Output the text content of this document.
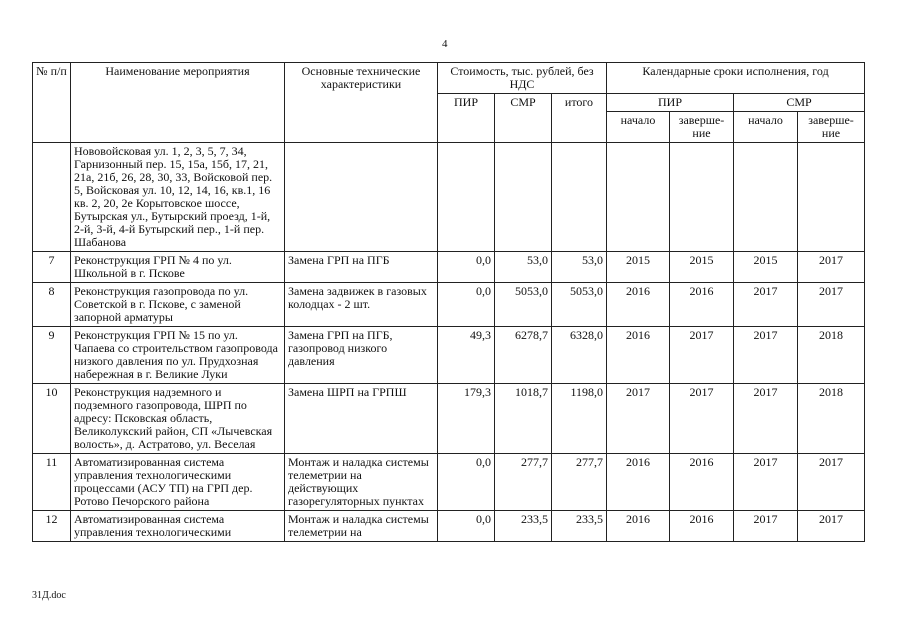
4
№ п/п	Наименование мероприятия	Основные технические характеристики	Стоимость, тыс. рублей, без НДС			Календарные сроки исполнения, год			
			ПИР	СМР	итого	ПИР		СМР	
						начало	заверше-ние	начало	заверше-ние
	Нововойсковая ул. 1, 2, 3, 5, 7, 34, Гарнизонный пер. 15, 15а, 15б, 17, 21, 21а, 21б, 26, 28, 30, 33, Войсковой пер. 5, Войсковая ул. 10, 12, 14, 16, кв.1, 16 кв. 2, 20, 2е Корытовское шоссе, Бутырская ул., Бутырский проезд, 1-й, 2-й, 3-й, 4-й Бутырский пер., 1-й пер. Шабанова								
7	Реконструкция ГРП № 4 по ул. Школьной в г. Пскове	Замена ГРП на ПГБ	0,0	53,0	53,0	2015	2015	2015	2017
8	Реконструкция газопровода по ул. Советской в г. Пскове, с заменой запорной арматуры	Замена задвижек в газовых колодцах - 2 шт.	0,0	5053,0	5053,0	2016	2016	2017	2017
9	Реконструкция ГРП № 15 по ул. Чапаева со строительством газопровода низкого давления по ул. Прудхозная набережная в г. Великие Луки	Замена ГРП на ПГБ, газопровод низкого давления	49,3	6278,7	6328,0	2016	2017	2017	2018
10	Реконструкция надземного и подземного газопровода, ШРП по адресу: Псковская область, Великолукский район, СП «Лычевская волость», д. Астратово, ул. Веселая	Замена ШРП на ГРПШ	179,3	1018,7	1198,0	2017	2017	2017	2018
11	Автоматизированная система управления технологическими процессами (АСУ ТП) на ГРП дер. Ротово Печорского района	Монтаж и наладка системы телеметрии на действующих газорегуляторных пунктах	0,0	277,7	277,7	2016	2016	2017	2017
12	Автоматизированная система управления технологическими	Монтаж и наладка системы телеметрии на	0,0	233,5	233,5	2016	2016	2017	2017
31Д.doc
